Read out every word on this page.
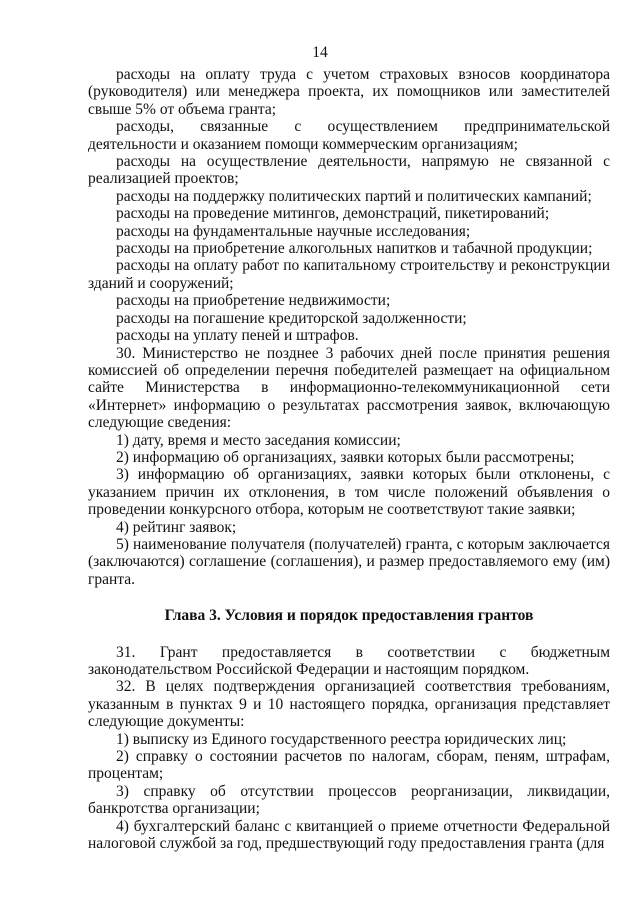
14

расходы на оплату труда с учетом страховых взносов координатора (руководителя) или менеджера проекта, их помощников или заместителей свыше 5% от объема гранта;

расходы, связанные с осуществлением предпринимательской деятельности и оказанием помощи коммерческим организациям;

расходы на осуществление деятельности, напрямую не связанной с реализацией проектов;

расходы на поддержку политических партий и политических кампаний;

расходы на проведение митингов, демонстраций, пикетирований;

расходы на фундаментальные научные исследования;

расходы на приобретение алкогольных напитков и табачной продукции;

расходы на оплату работ по капитальному строительству и реконструкции зданий и сооружений;

расходы на приобретение недвижимости;

расходы на погашение кредиторской задолженности;

расходы на уплату пеней и штрафов.

30. Министерство не позднее 3 рабочих дней после принятия решения комиссией об определении перечня победителей размещает на официальном сайте Министерства в информационно-телекоммуникационной сети «Интернет» информацию о результатах рассмотрения заявок, включающую следующие сведения:

1) дату, время и место заседания комиссии;

2) информацию об организациях, заявки которых были рассмотрены;

3) информацию об организациях, заявки которых были отклонены, с указанием причин их отклонения, в том числе положений объявления о проведении конкурсного отбора, которым не соответствуют такие заявки;

4) рейтинг заявок;

5) наименование получателя (получателей) гранта, с которым заключается (заключаются) соглашение (соглашения), и размер предоставляемого ему (им) гранта.

Глава 3. Условия и порядок предоставления грантов

31. Грант предоставляется в соответствии с бюджетным законодательством Российской Федерации и настоящим порядком.

32. В целях подтверждения организацией соответствия требованиям, указанным в пунктах 9 и 10 настоящего порядка, организация представляет следующие документы:

1) выписку из Единого государственного реестра юридических лиц;

2) справку о состоянии расчетов по налогам, сборам, пеням, штрафам, процентам;

3) справку об отсутствии процессов реорганизации, ликвидации, банкротства организации;

4) бухгалтерский баланс с квитанцией о приеме отчетности Федеральной налоговой службой за год, предшествующий году предоставления гранта (для
